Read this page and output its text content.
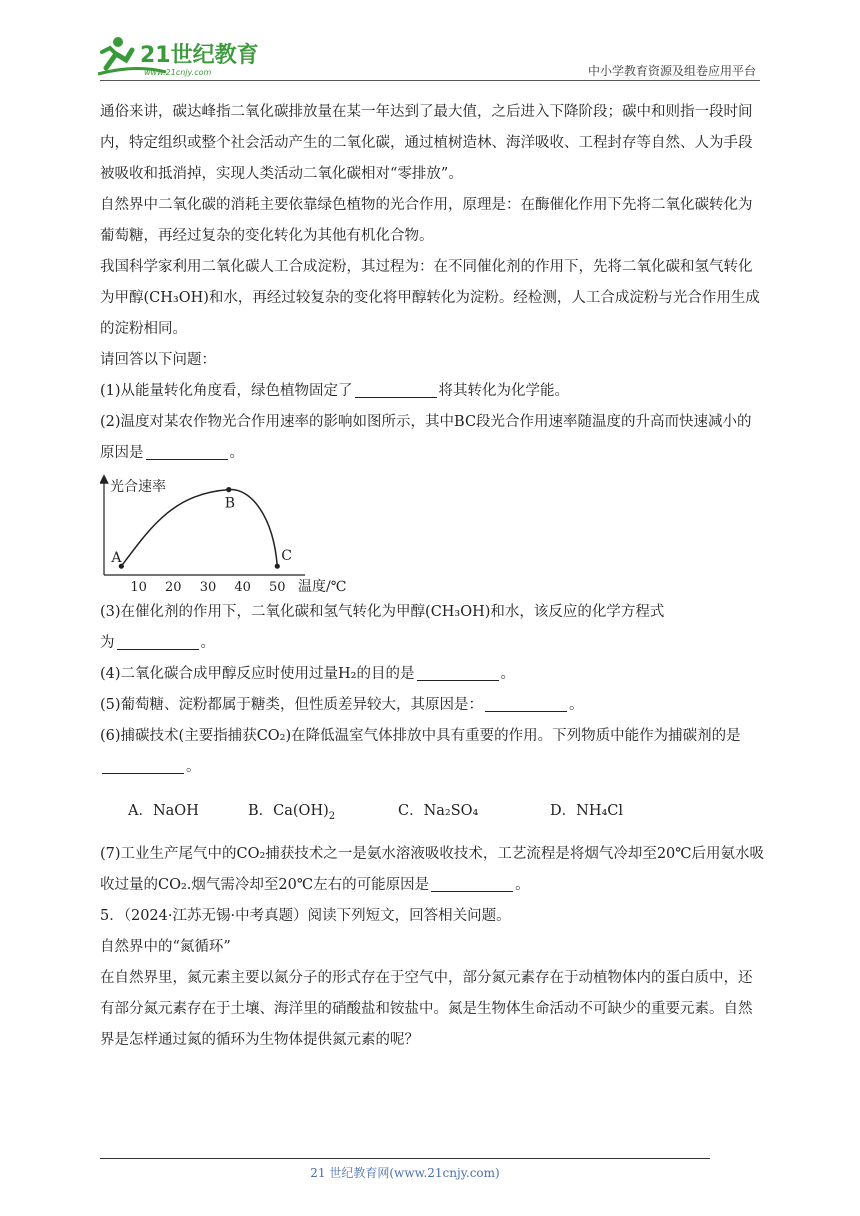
21世纪教育
www.21cnjy.com	中小学教育资源及组卷应用平台

通俗来讲，碳达峰指二氧化碳排放量在某一年达到了最大值，之后进入下降阶段；碳中和则指一段时间内，特定组织或整个社会活动产生的二氧化碳，通过植树造林、海洋吸收、工程封存等自然、人为手段被吸收和抵消掉，实现人类活动二氧化碳相对“零排放”。

自然界中二氧化碳的消耗主要依靠绿色植物的光合作用，原理是：在酶催化作用下先将二氧化碳转化为葡萄糖，再经过复杂的变化转化为其他有机化合物。

我国科学家利用二氧化碳人工合成淀粉，其过程为：在不同催化剂的作用下，先将二氧化碳和氢气转化为甲醇(CH₃OH)和水，再经过较复杂的变化将甲醇转化为淀粉。经检测，人工合成淀粉与光合作用生成的淀粉相同。

请回答以下问题：

(1)从能量转化角度看，绿色植物固定了	将其转化为化学能。

(2)温度对某农作物光合作用速率的影响如图所示，其中BC段光合作用速率随温度的升高而快速减小的原因是	。

光合速率
温度/℃
10 20 30 40 50
A
B
C

(3)在催化剂的作用下，二氧化碳和氢气转化为甲醇(CH₃OH)和水，该反应的化学方程式

为	。

(4)二氧化碳合成甲醇反应时使用过量H₂的目的是	。

(5)葡萄糖、淀粉都属于糖类，但性质差异较大，其原因是：	。

(6)捕碳技术(主要指捕获CO₂)在降低温室气体排放中具有重要的作用。下列物质中能作为捕碳剂的是。

A．NaOH	B．$Ca(OH)_2$	C．Na₂SO₄	D．NH₄Cl

(7)工业生产尾气中的CO₂捕获技术之一是氨水溶液吸收技术，工艺流程是将烟气冷却至20℃后用氨水吸收过量的CO₂.烟气需冷却至20℃左右的可能原因是	。

5．（2024·江苏无锡·中考真题）阅读下列短文，回答相关问题。

自然界中的“氮循环”

在自然界里，氮元素主要以氮分子的形式存在于空气中，部分氮元素存在于动植物体内的蛋白质中，还有部分氮元素存在于土壤、海洋里的硝酸盐和铵盐中。氮是生物体生命活动不可缺少的重要元素。自然界是怎样通过氮的循环为生物体提供氮元素的呢？

21 世纪教育网(www.21cnjy.com)
